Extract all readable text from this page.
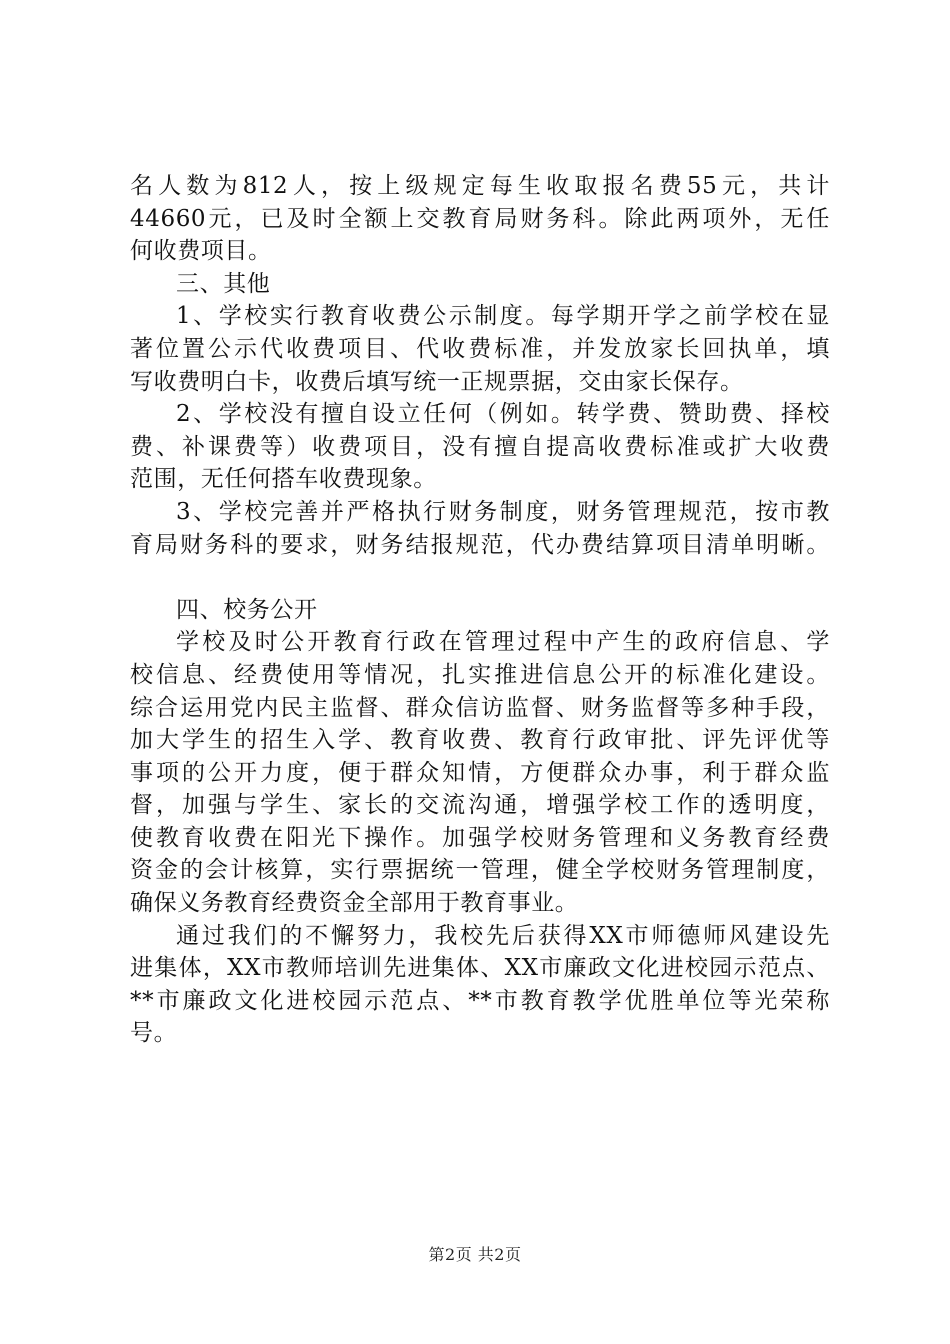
名人数为812人，按上级规定每生收取报名费55元，共计
44660元，已及时全额上交教育局财务科。除此两项外，无任
何收费项目。
三、其他
1、学校实行教育收费公示制度。每学期开学之前学校在显
著位置公示代收费项目、代收费标准，并发放家长回执单，填
写收费明白卡，收费后填写统一正规票据，交由家长保存。
2、学校没有擅自设立任何（例如。转学费、赞助费、择校
费、补课费等）收费项目，没有擅自提高收费标准或扩大收费
范围，无任何搭车收费现象。
3、学校完善并严格执行财务制度，财务管理规范，按市教
育局财务科的要求，财务结报规范，代办费结算项目清单明晰。
四、校务公开
学校及时公开教育行政在管理过程中产生的政府信息、学
校信息、经费使用等情况，扎实推进信息公开的标准化建设。
综合运用党内民主监督、群众信访监督、财务监督等多种手段，
加大学生的招生入学、教育收费、教育行政审批、评先评优等
事项的公开力度，便于群众知情，方便群众办事，利于群众监
督，加强与学生、家长的交流沟通，增强学校工作的透明度，
使教育收费在阳光下操作。加强学校财务管理和义务教育经费
资金的会计核算，实行票据统一管理，健全学校财务管理制度，
确保义务教育经费资金全部用于教育事业。
通过我们的不懈努力，我校先后获得XX市师德师风建设先
进集体，XX市教师培训先进集体、XX市廉政文化进校园示范点、
**市廉政文化进校园示范点、**市教育教学优胜单位等光荣称
号。
第2页 共2页
